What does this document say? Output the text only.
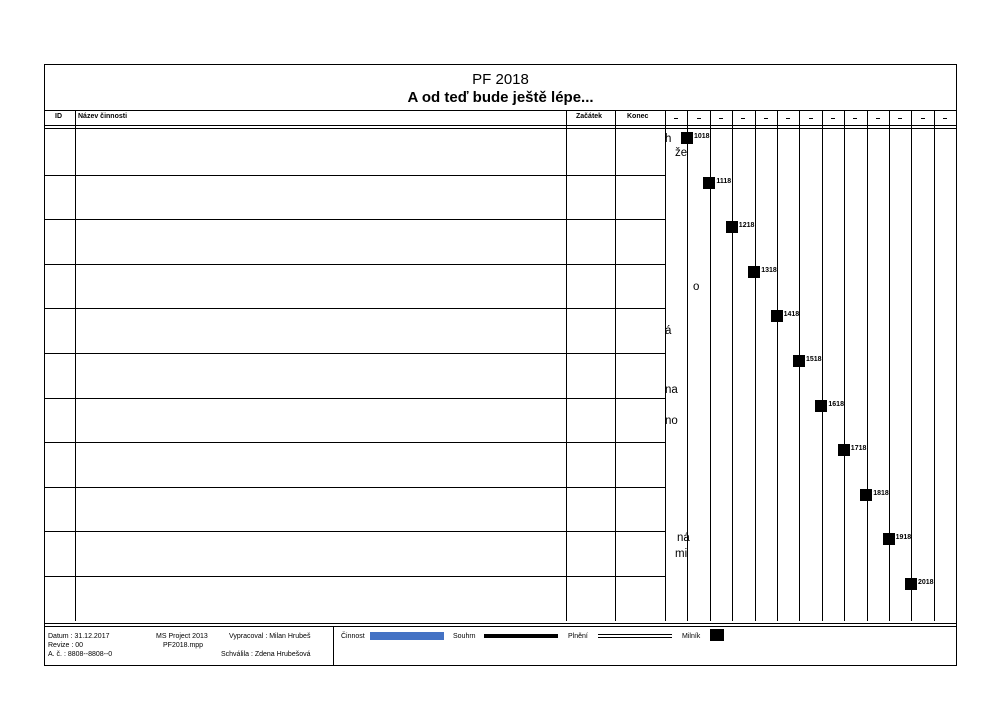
PF 2018
A od teď bude ještě lépe...
ID Název činnosti	Začátek	Konec
h
že
o
á
na
no
ná
mi
1018
1118
1218
1318
1418
1518
1618
1718
1818
1918
2018
Datum : 31.12.2017
Revize : 00
A. č. : 8808--8808--0
MS Project 2013
PF2018.mpp
Vypracoval : Milan Hrubeš
Schválila : Zdena Hrubešová
Činnost	Souhrn	Plnění	Milník
